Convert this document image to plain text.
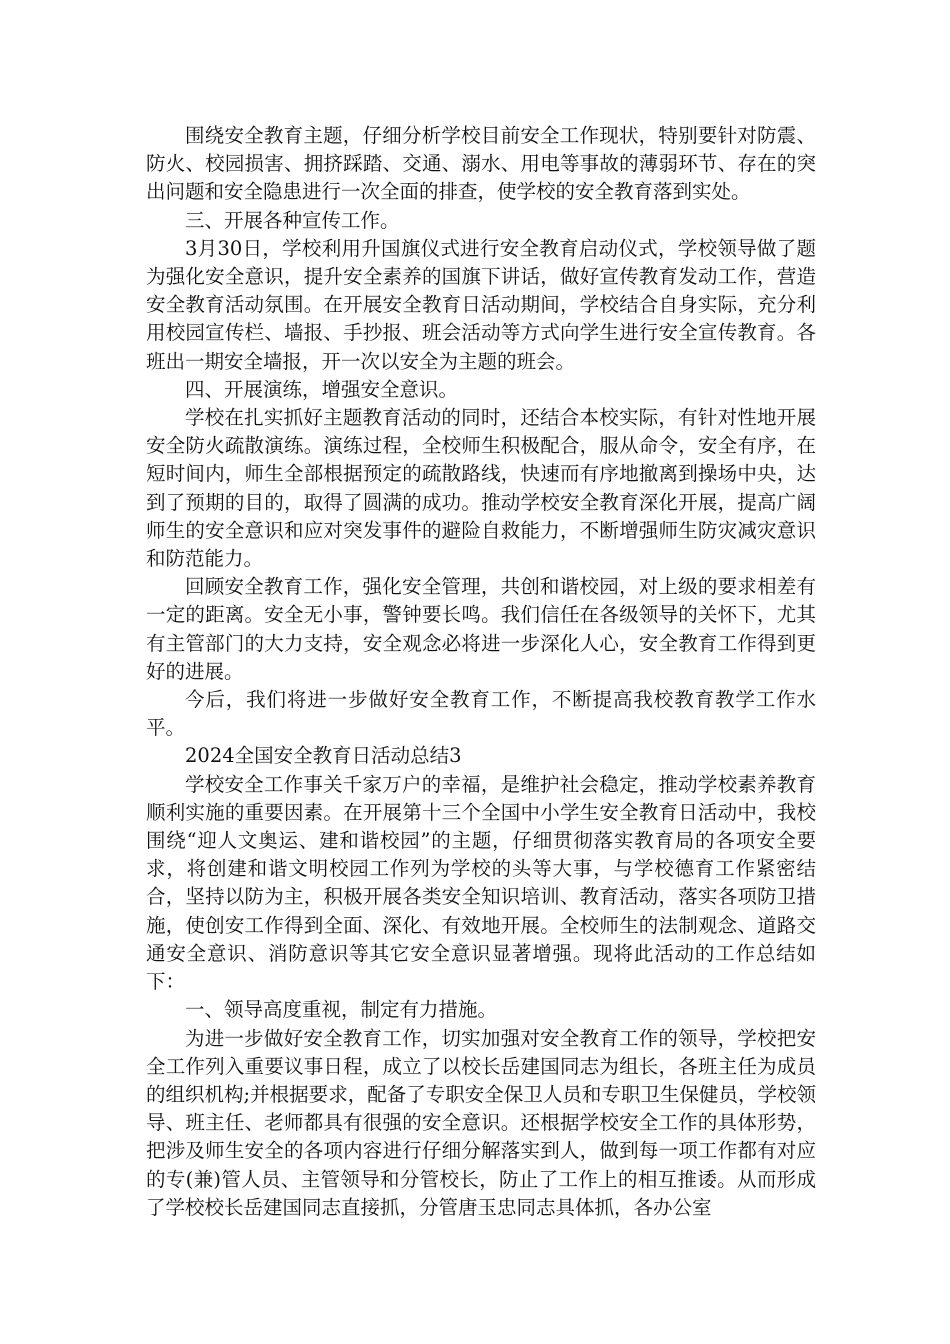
围绕安全教育主题，仔细分析学校目前安全工作现状，特别要针对防震、防火、校园损害、拥挤踩踏、交通、溺水、用电等事故的薄弱环节、存在的突出问题和安全隐患进行一次全面的排查，使学校的安全教育落到实处。

三、开展各种宣传工作。

3月30日，学校利用升国旗仪式进行安全教育启动仪式，学校领导做了题为强化安全意识，提升安全素养的国旗下讲话，做好宣传教育发动工作，营造安全教育活动氛围。在开展安全教育日活动期间，学校结合自身实际，充分利用校园宣传栏、墙报、手抄报、班会活动等方式向学生进行安全宣传教育。各班出一期安全墙报，开一次以安全为主题的班会。

四、开展演练，增强安全意识。

学校在扎实抓好主题教育活动的同时，还结合本校实际，有针对性地开展安全防火疏散演练。演练过程，全校师生积极配合，服从命令，安全有序，在短时间内，师生全部根据预定的疏散路线，快速而有序地撤离到操场中央，达到了预期的目的，取得了圆满的成功。推动学校安全教育深化开展，提高广阔师生的安全意识和应对突发事件的避险自救能力，不断增强师生防灾减灾意识和防范能力。

回顾安全教育工作，强化安全管理，共创和谐校园，对上级的要求相差有一定的距离。安全无小事，警钟要长鸣。我们信任在各级领导的关怀下，尤其有主管部门的大力支持，安全观念必将进一步深化人心，安全教育工作得到更好的进展。

今后，我们将进一步做好安全教育工作，不断提高我校教育教学工作水平。

2024全国安全教育日活动总结3

学校安全工作事关千家万户的幸福，是维护社会稳定，推动学校素养教育顺利实施的重要因素。在开展第十三个全国中小学生安全教育日活动中，我校围绕“迎人文奥运、建和谐校园”的主题，仔细贯彻落实教育局的各项安全要求，将创建和谐文明校园工作列为学校的头等大事，与学校德育工作紧密结合，坚持以防为主，积极开展各类安全知识培训、教育活动，落实各项防卫措施，使创安工作得到全面、深化、有效地开展。全校师生的法制观念、道路交通安全意识、消防意识等其它安全意识显著增强。现将此活动的工作总结如下：

一、领导高度重视，制定有力措施。

为进一步做好安全教育工作，切实加强对安全教育工作的领导，学校把安全工作列入重要议事日程，成立了以校长岳建国同志为组长，各班主任为成员的组织机构;并根据要求，配备了专职安全保卫人员和专职卫生保健员，学校领导、班主任、老师都具有很强的安全意识。还根据学校安全工作的具体形势，把涉及师生安全的各项内容进行仔细分解落实到人，做到每一项工作都有对应的专(兼)管人员、主管领导和分管校长，防止了工作上的相互推诿。从而形成了学校校长岳建国同志直接抓，分管唐玉忠同志具体抓，各办公室
